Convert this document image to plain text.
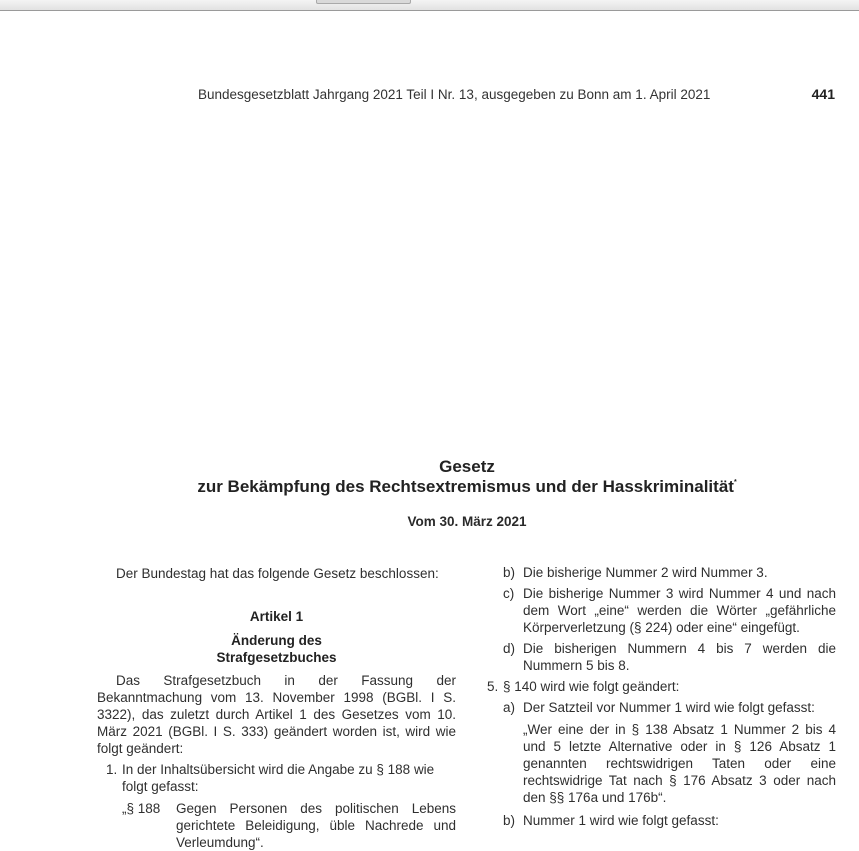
Bundesgesetzblatt Jahrgang 2021 Teil I Nr. 13, ausgegeben zu Bonn am 1. April 2021	441
Gesetz
zur Bekämpfung des Rechtsextremismus und der Hasskriminalität*
Vom 30. März 2021
Der Bundestag hat das folgende Gesetz beschlossen:
Artikel 1
Änderung des
Strafgesetzbuches
Das Strafgesetzbuch in der Fassung der Bekanntmachung vom 13. November 1998 (BGBl. I S. 3322), das zuletzt durch Artikel 1 des Gesetzes vom 10. März 2021 (BGBl. I S. 333) geändert worden ist, wird wie folgt geändert:
1. In der Inhaltsübersicht wird die Angabe zu § 188 wie folgt gefasst:
„§ 188	Gegen Personen des politischen Lebens gerichtete Beleidigung, üble Nachrede und Verleumdung“.
b) Die bisherige Nummer 2 wird Nummer 3.
c) Die bisherige Nummer 3 wird Nummer 4 und nach dem Wort „eine“ werden die Wörter „gefährliche Körperverletzung (§ 224) oder eine“ eingefügt.
d) Die bisherigen Nummern 4 bis 7 werden die Nummern 5 bis 8.
5. § 140 wird wie folgt geändert:
a) Der Satzteil vor Nummer 1 wird wie folgt gefasst:
„Wer eine der in § 138 Absatz 1 Nummer 2 bis 4 und 5 letzte Alternative oder in § 126 Absatz 1 genannten rechtswidrigen Taten oder eine rechtswidrige Tat nach § 176 Absatz 3 oder nach den §§ 176a und 176b“.
b) Nummer 1 wird wie folgt gefasst:
